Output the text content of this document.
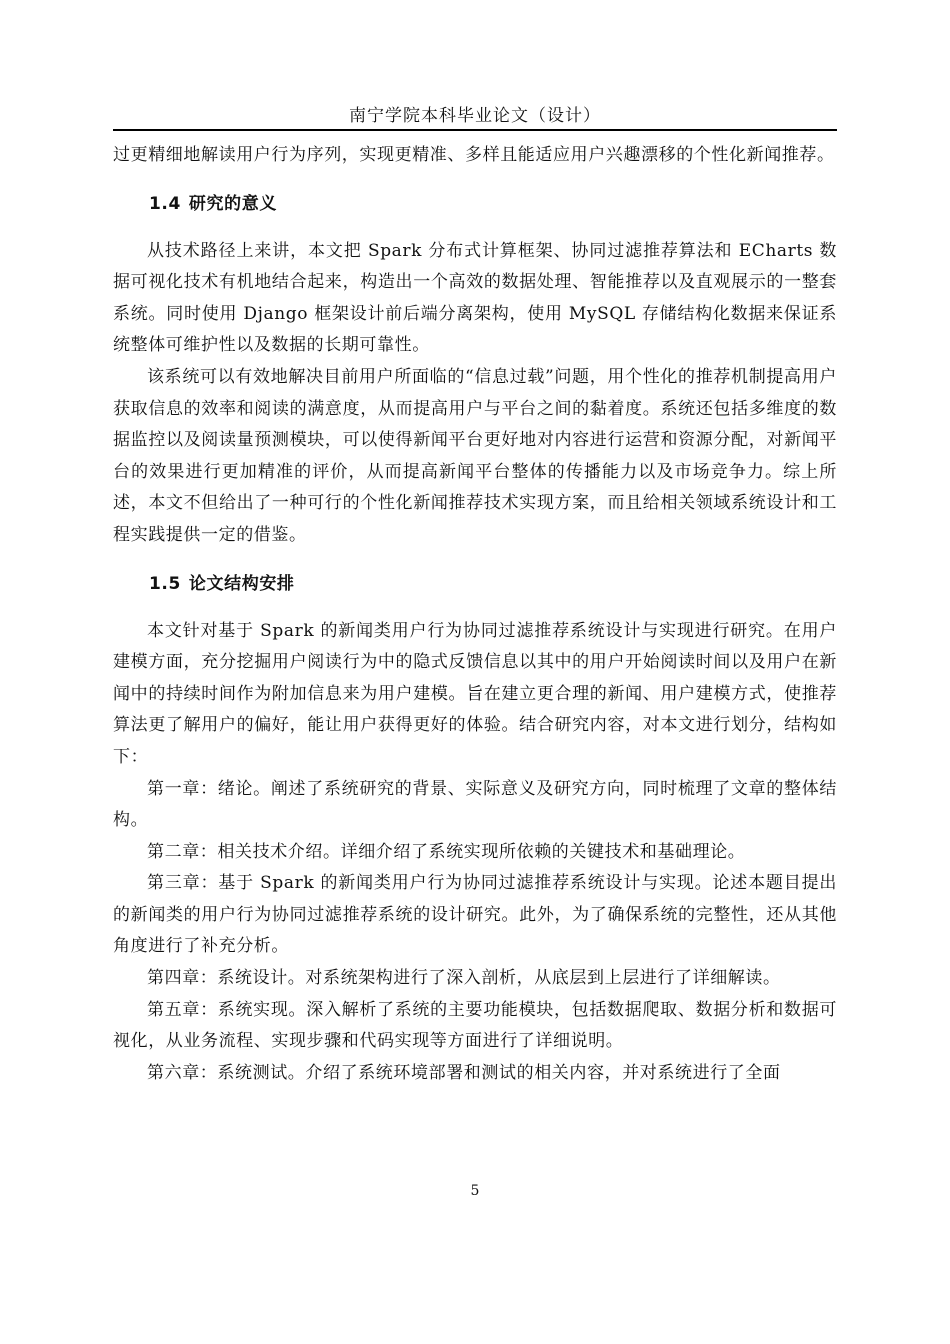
南宁学院本科毕业论文（设计）

过更精细地解读用户行为序列，实现更精准、多样且能适应用户兴趣漂移的个性化新闻推荐。

1.4 研究的意义

从技术路径上来讲，本文把 Spark 分布式计算框架、协同过滤推荐算法和 ECharts 数据可视化技术有机地结合起来，构造出一个高效的数据处理、智能推荐以及直观展示的一整套系统。同时使用 Django 框架设计前后端分离架构，使用 MySQL 存储结构化数据来保证系统整体可维护性以及数据的长期可靠性。

该系统可以有效地解决目前用户所面临的“信息过载”问题，用个性化的推荐机制提高用户获取信息的效率和阅读的满意度，从而提高用户与平台之间的黏着度。系统还包括多维度的数据监控以及阅读量预测模块，可以使得新闻平台更好地对内容进行运营和资源分配，对新闻平台的效果进行更加精准的评价，从而提高新闻平台整体的传播能力以及市场竞争力。综上所述，本文不但给出了一种可行的个性化新闻推荐技术实现方案，而且给相关领域系统设计和工程实践提供一定的借鉴。

1.5 论文结构安排

本文针对基于 Spark 的新闻类用户行为协同过滤推荐系统设计与实现进行研究。在用户建模方面，充分挖掘用户阅读行为中的隐式反馈信息以其中的用户开始阅读时间以及用户在新闻中的持续时间作为附加信息来为用户建模。旨在建立更合理的新闻、用户建模方式，使推荐算法更了解用户的偏好，能让用户获得更好的体验。结合研究内容，对本文进行划分，结构如下：

第一章：绪论。阐述了系统研究的背景、实际意义及研究方向，同时梳理了文章的整体结构。

第二章：相关技术介绍。详细介绍了系统实现所依赖的关键技术和基础理论。

第三章：基于 Spark 的新闻类用户行为协同过滤推荐系统设计与实现。论述本题目提出的新闻类的用户行为协同过滤推荐系统的设计研究。此外，为了确保系统的完整性，还从其他角度进行了补充分析。

第四章：系统设计。对系统架构进行了深入剖析，从底层到上层进行了详细解读。

第五章：系统实现。深入解析了系统的主要功能模块，包括数据爬取、数据分析和数据可视化，从业务流程、实现步骤和代码实现等方面进行了详细说明。

第六章：系统测试。介绍了系统环境部署和测试的相关内容，并对系统进行了全面

5
